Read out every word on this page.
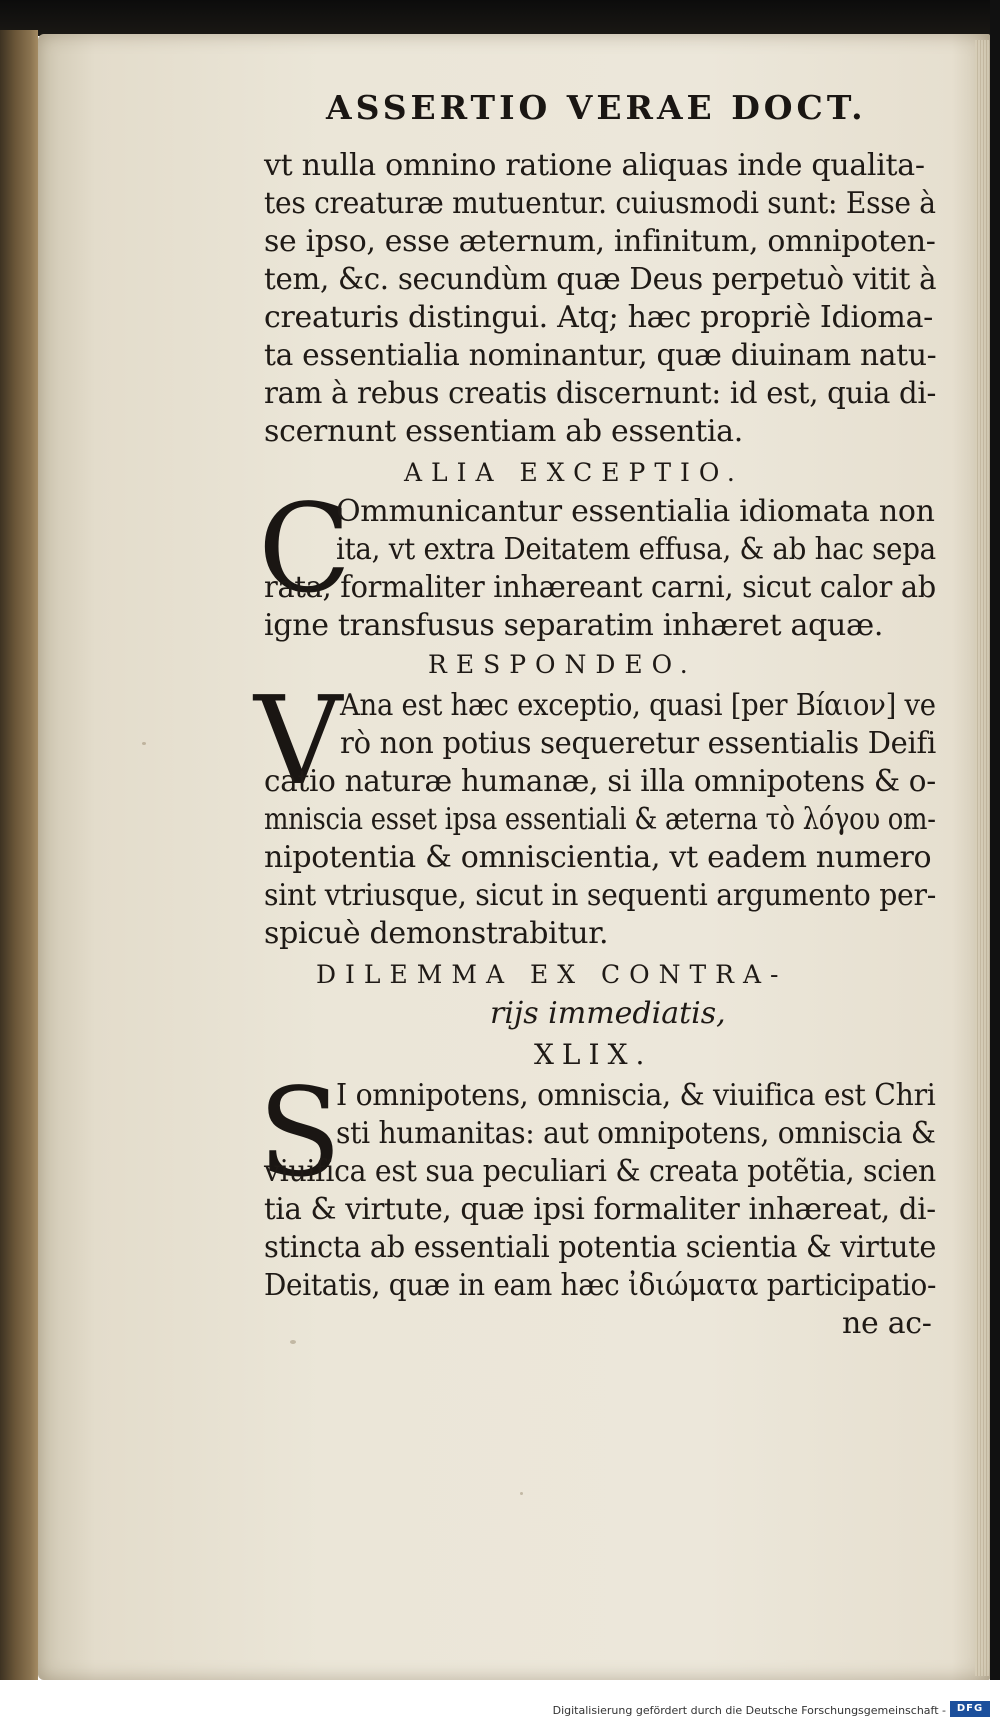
ASSERTIO VERAE DOCT.
vt nulla omnino ratione aliquas inde qualita-
tes creaturæ mutuentur. cuiusmodi sunt: Esse à
se ipso, esse æternum, infinitum, omnipoten-
tem, &c. secundùm quæ Deus perpetuò vitit à
creaturis distingui. Atq; hæc propriè Idioma-
ta essentialia nominantur, quæ diuinam natu-
ram à rebus creatis discernunt: id est, quia di-
scernunt essentiam ab essentia.
ALIA EXCEPTIO.
C
Ommunicantur essentialia idiomata non
ita, vt extra Deitatem effusa, & ab hac sepa
rata, formaliter inhæreant carni, sicut calor ab
igne transfusus separatim inhæret aquæ.
RESPONDEO.
V
Ana est hæc exceptio, quasi [per Bíαιον] ve
rò non potius sequeretur essentialis Deifi
catio naturæ humanæ, si illa omnipotens & o-
mnisciа esset ipsa essentiali & æterna τὸ λόγου om-
nipotentia & omniscientia, vt eadem numero
sint vtriusque, sicut in sequenti argumento per-
spicuè demonstrabitur.
DILEMMA EX CONTRA-
rijs immediatis,
XLIX.
S
I omnipotens, omnisciа, & viuifica est Chri
sti humanitas: aut omnipotens, omnisciа &
viuifica est sua peculiari & creata potẽtia, scien
tia & virtute, quæ ipsi formaliter inhæreat, di-
stincta ab essentiali potentia scientia & virtute
Deitatis, quæ in eam hæc ἰδιώματα participatio-
ne ac-
Digitalisierung gefördert durch die Deutsche Forschungsgemeinschaft -	DFG
